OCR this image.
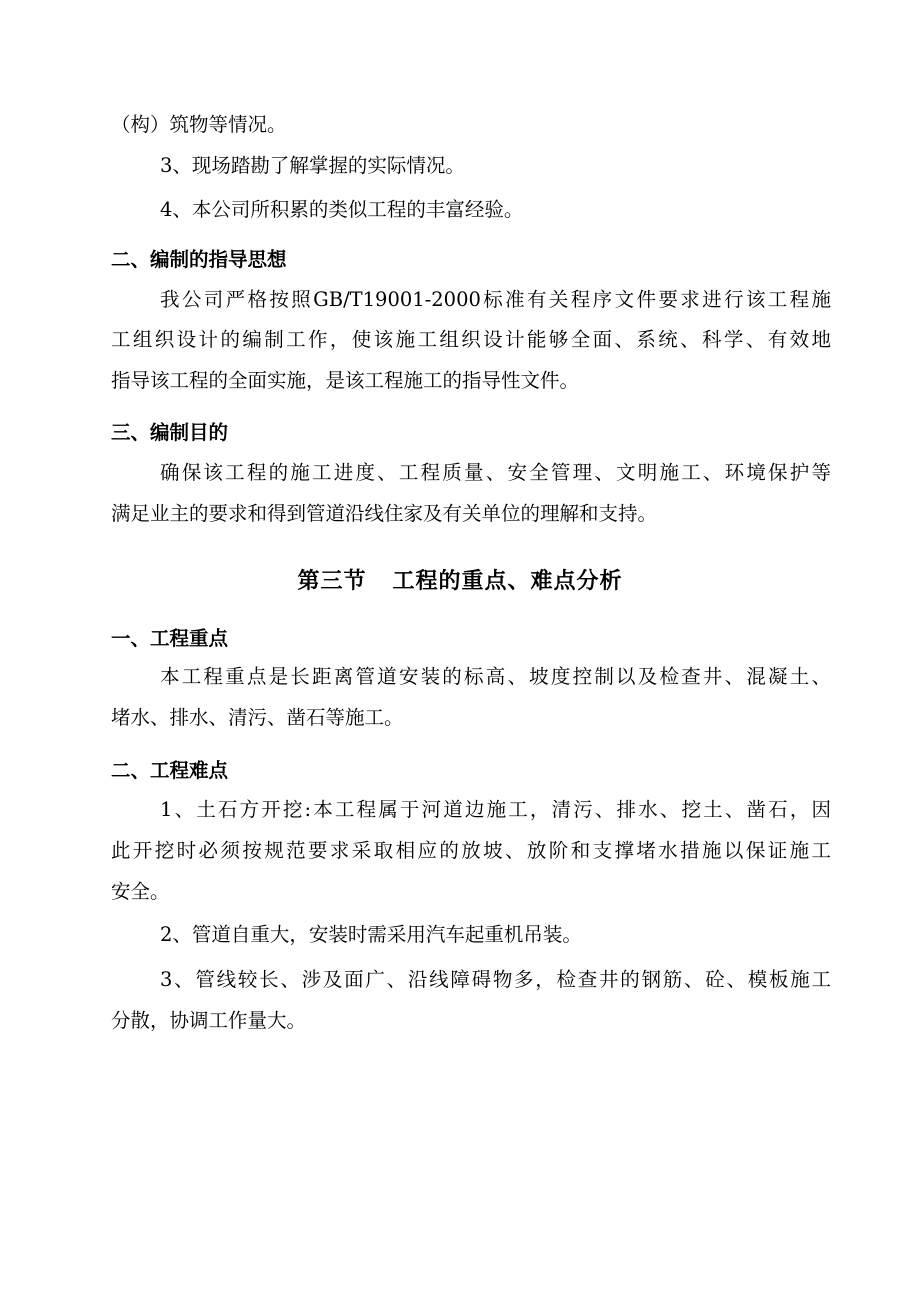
（构）筑物等情况。
3、现场踏勘了解掌握的实际情况。
4、本公司所积累的类似工程的丰富经验。
二、编制的指导思想
我公司严格按照GB/T19001-2000标准有关程序文件要求进行该工程施
工组织设计的编制工作，使该施工组织设计能够全面、系统、科学、有效地
指导该工程的全面实施，是该工程施工的指导性文件。
三、编制目的
确保该工程的施工进度、工程质量、安全管理、文明施工、环境保护等
满足业主的要求和得到管道沿线住家及有关单位的理解和支持。
第三节 工程的重点、难点分析
一、工程重点
本工程重点是长距离管道安装的标高、坡度控制以及检查井、混凝土、
堵水、排水、清污、凿石等施工。
二、工程难点
1、土石方开挖:本工程属于河道边施工，清污、排水、挖土、凿石，因
此开挖时必须按规范要求采取相应的放坡、放阶和支撑堵水措施以保证施工
安全。
2、管道自重大，安装时需采用汽车起重机吊装。
3、管线较长、涉及面广、沿线障碍物多，检查井的钢筋、砼、模板施工
分散，协调工作量大。
